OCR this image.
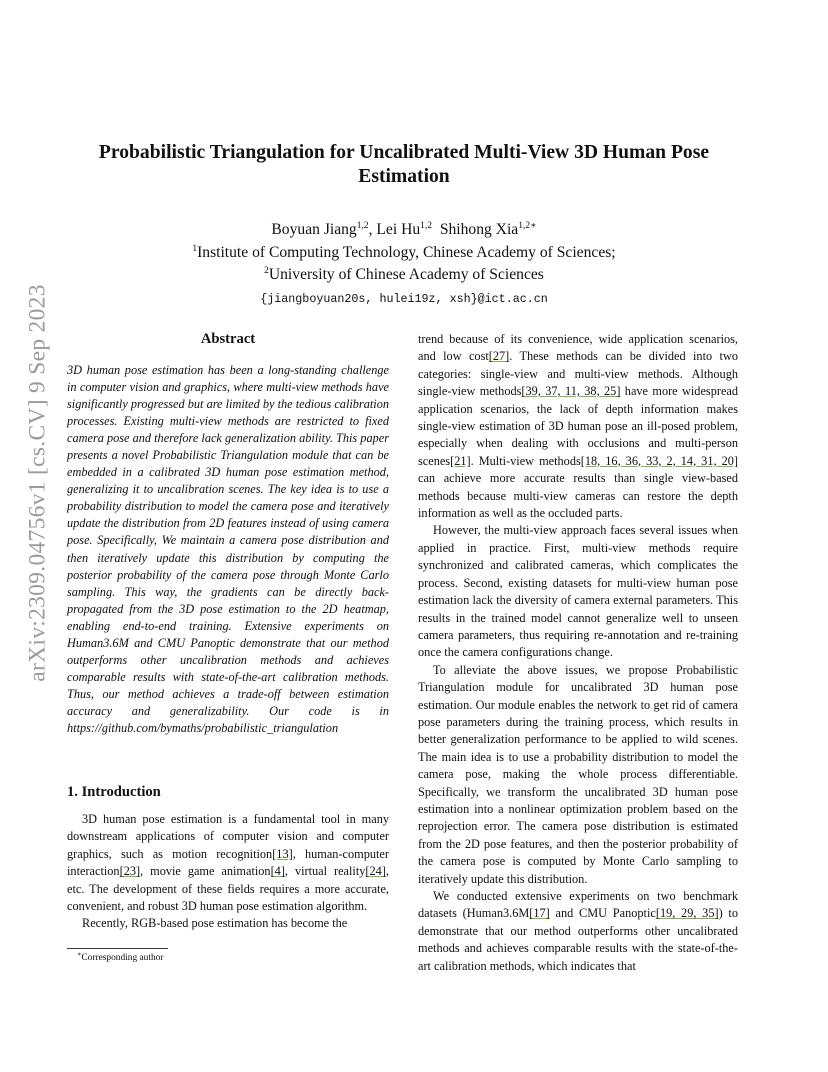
arXiv:2309.04756v1 [cs.CV] 9 Sep 2023
Probabilistic Triangulation for Uncalibrated Multi-View 3D Human Pose
Estimation
Boyuan Jiang$^{1,2}$, Lei Hu$^{1,2}$ Shihong Xia$^{1,2∗}$
$^1$Institute of Computing Technology, Chinese Academy of Sciences;
$^2$University of Chinese Academy of Sciences
{jiangboyuan20s, hulei19z, xsh}@ict.ac.cn
Abstract
3D human pose estimation has been a long-standing challenge in computer vision and graphics, where multi-view methods have significantly progressed but are limited by the tedious calibration processes. Existing multi-view methods are restricted to fixed camera pose and therefore lack generalization ability. This paper presents a novel Probabilistic Triangulation module that can be embedded in a calibrated 3D human pose estimation method, generalizing it to uncalibration scenes. The key idea is to use a probability distribution to model the camera pose and iteratively update the distribution from 2D features instead of using camera pose. Specifically, We maintain a camera pose distribution and then iteratively update this distribution by computing the posterior probability of the camera pose through Monte Carlo sampling. This way, the gradients can be directly back-propagated from the 3D pose estimation to the 2D heatmap, enabling end-to-end training. Extensive experiments on Human3.6M and CMU Panoptic demonstrate that our method outperforms other uncalibration methods and achieves comparable results with state-of-the-art calibration methods. Thus, our method achieves a trade-off between estimation accuracy and generalizability. Our code is in https://github.com/bymaths/probabilistic_triangulation
1. Introduction

3D human pose estimation is a fundamental tool in many downstream applications of computer vision and computer graphics, such as motion recognition[13], human-computer interaction[23], movie game animation[4], virtual reality[24], etc. The development of these fields requires a more accurate, convenient, and robust 3D human pose estimation algorithm.

Recently, RGB-based pose estimation has become the

∗Corresponding author

trend because of its convenience, wide application scenarios, and low cost[27]. These methods can be divided into two categories: single-view and multi-view methods. Although single-view methods[39, 37, 11, 38, 25] have more widespread application scenarios, the lack of depth information makes single-view estimation of 3D human pose an ill-posed problem, especially when dealing with occlusions and multi-person scenes[21]. Multi-view methods[18, 16, 36, 33, 2, 14, 31, 20] can achieve more accurate results than single view-based methods because multi-view cameras can restore the depth information as well as the occluded parts.

However, the multi-view approach faces several issues when applied in practice. First, multi-view methods require synchronized and calibrated cameras, which complicates the process. Second, existing datasets for multi-view human pose estimation lack the diversity of camera external parameters. This results in the trained model cannot generalize well to unseen camera parameters, thus requiring re-annotation and re-training once the camera configurations change.

To alleviate the above issues, we propose Probabilistic Triangulation module for uncalibrated 3D human pose estimation. Our module enables the network to get rid of camera pose parameters during the training process, which results in better generalization performance to be applied to wild scenes. The main idea is to use a probability distribution to model the camera pose, making the whole process differentiable. Specifically, we transform the uncalibrated 3D human pose estimation into a nonlinear optimization problem based on the reprojection error. The camera pose distribution is estimated from the 2D pose features, and then the posterior probability of the camera pose is computed by Monte Carlo sampling to iteratively update this distribution.

We conducted extensive experiments on two benchmark datasets (Human3.6M[17] and CMU Panoptic[19, 29, 35]) to demonstrate that our method outperforms other uncalibrated methods and achieves comparable results with the state-of-the-art calibration methods, which indicates that
